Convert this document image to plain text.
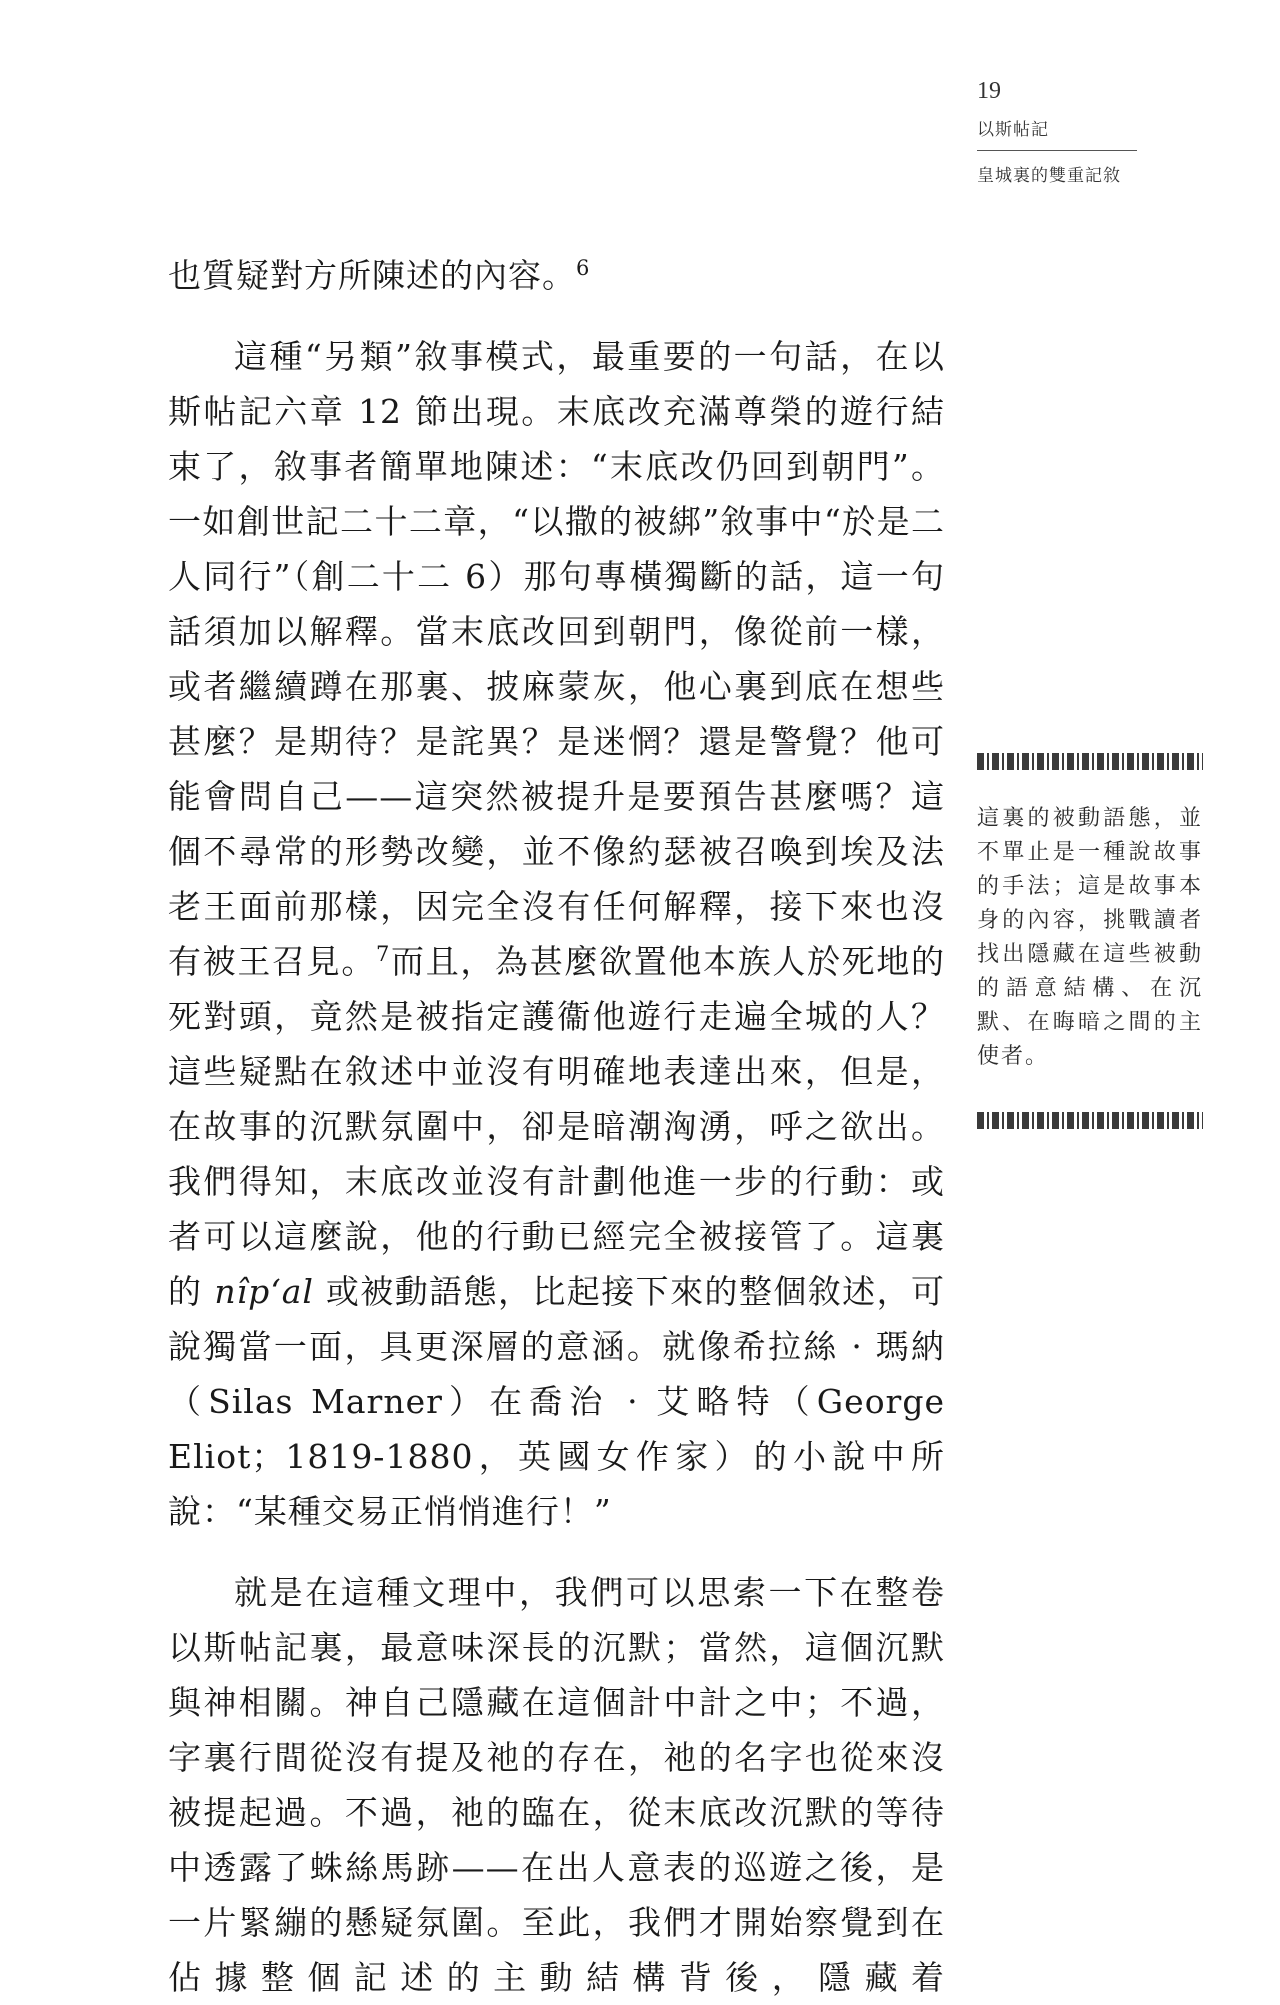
19
以斯帖記
皇城裏的雙重記敘

也質疑對方所陳述的內容。$^6$

這種“另類”敘事模式，最重要的一句話，在以斯帖記六章 12 節出現。末底改充滿尊榮的遊行結束了，敘事者簡單地陳述：“末底改仍回到朝門”。一如創世記二十二章，“以撒的被綁”敘事中“於是二人同行”（創二十二 6）那句專橫獨斷的話，這一句話須加以解釋。當末底改回到朝門，像從前一樣，或者繼續蹲在那裏、披麻蒙灰，他心裏到底在想些甚麼？是期待？是詫異？是迷惘？還是警覺？他可能會問自己——這突然被提升是要預告甚麼嗎？這個不尋常的形勢改變，並不像約瑟被召喚到埃及法老王面前那樣，因完全沒有任何解釋，接下來也沒有被王召見。$^7$而且，為甚麼欲置他本族人於死地的死對頭，竟然是被指定護衞他遊行走遍全城的人？這些疑點在敘述中並沒有明確地表達出來，但是，在故事的沉默氛圍中，卻是暗潮洶湧，呼之欲出。我們得知，末底改並沒有計劃他進一步的行動：或者可以這麼說，他的行動已經完全被接管了。這裏的 nîp‘al 或被動語態，比起接下來的整個敘述，可說獨當一面，具更深層的意涵。就像希拉絲 · 瑪納（Silas Marner）在喬治 · 艾略特（George Eliot；1819-1880，英國女作家）的小說中所說：“某種交易正悄悄進行！”

就是在這種文理中，我們可以思索一下在整卷以斯帖記裏，最意味深長的沉默；當然，這個沉默與神相關。神自己隱藏在這個計中計之中；不過，字裏行間從沒有提及祂的存在，祂的名字也從來沒被提起過。不過，祂的臨在，從末底改沉默的等待中透露了蛛絲馬跡——在出人意表的巡遊之後，是一片緊繃的懸疑氛圍。至此，我們才開始察覺到在佔據整個記述的主動結構背後，隱藏着

這裏的被動語態，並不單止是一種說故事的手法；這是故事本身的內容，挑戰讀者找出隱藏在這些被動的語意結構、在沉默、在晦暗之間的主使者。
